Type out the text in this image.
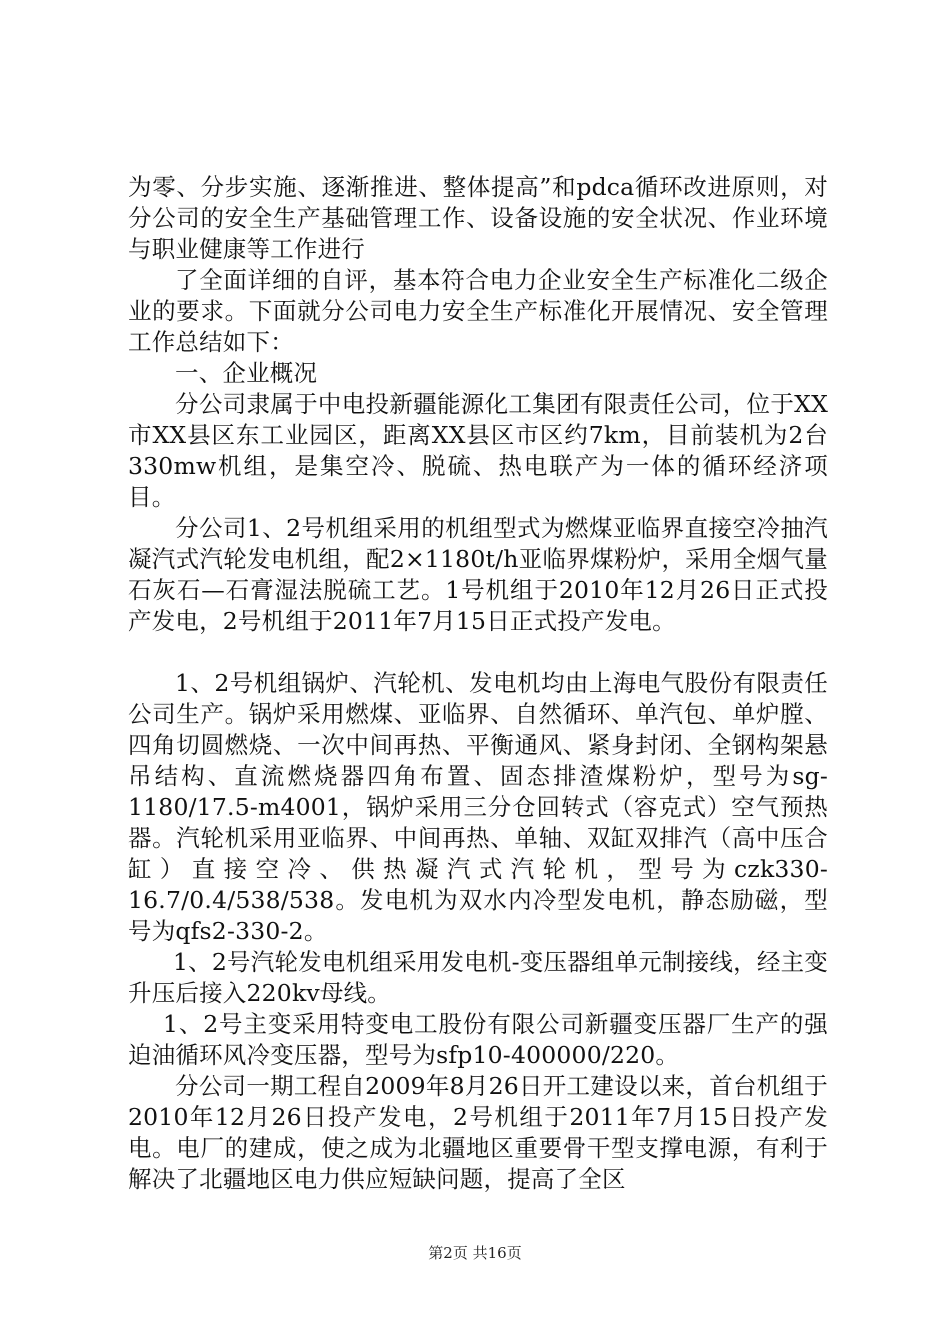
为零、分步实施、逐渐推进、整体提高”和pdca循环改进原则，对分公司的安全生产基础管理工作、设备设施的安全状况、作业环境与职业健康等工作进行

了全面详细的自评，基本符合电力企业安全生产标准化二级企业的要求。下面就分公司电力安全生产标准化开展情况、安全管理工作总结如下：

一、企业概况

分公司隶属于中电投新疆能源化工集团有限责任公司，位于XX市XX县区东工业园区，距离XX县区市区约7km，目前装机为2台330mw机组，是集空冷、脱硫、热电联产为一体的循环经济项目。

分公司1、2号机组采用的机组型式为燃煤亚临界直接空冷抽汽凝汽式汽轮发电机组，配2×1180t/h亚临界煤粉炉，采用全烟气量石灰石—石膏湿法脱硫工艺。1号机组于2010年12月26日正式投产发电，2号机组于2011年7月15日正式投产发电。

1、2号机组锅炉、汽轮机、发电机均由上海电气股份有限责任公司生产。锅炉采用燃煤、亚临界、自然循环、单汽包、单炉膛、四角切圆燃烧、一次中间再热、平衡通风、紧身封闭、全钢构架悬吊结构、直流燃烧器四角布置、固态排渣煤粉炉，型号为sg-1180/17.5-m4001，锅炉采用三分仓回转式（容克式）空气预热器。汽轮机采用亚临界、中间再热、单轴、双缸双排汽（高中压合缸）直接空冷、供热凝汽式汽轮机，型号为czk330-16.7/0.4/538/538。发电机为双水内冷型发电机，静态励磁，型号为qfs2-330-2。

1、2号汽轮发电机组采用发电机-变压器组单元制接线，经主变升压后接入220kv母线。

1、2号主变采用特变电工股份有限公司新疆变压器厂生产的强迫油循环风冷变压器，型号为sfp10-400000/220。

分公司一期工程自2009年8月26日开工建设以来，首台机组于2010年12月26日投产发电，2号机组于2011年7月15日投产发电。电厂的建成，使之成为北疆地区重要骨干型支撑电源，有利于解决了北疆地区电力供应短缺问题，提高了全区

第2页 共16页
